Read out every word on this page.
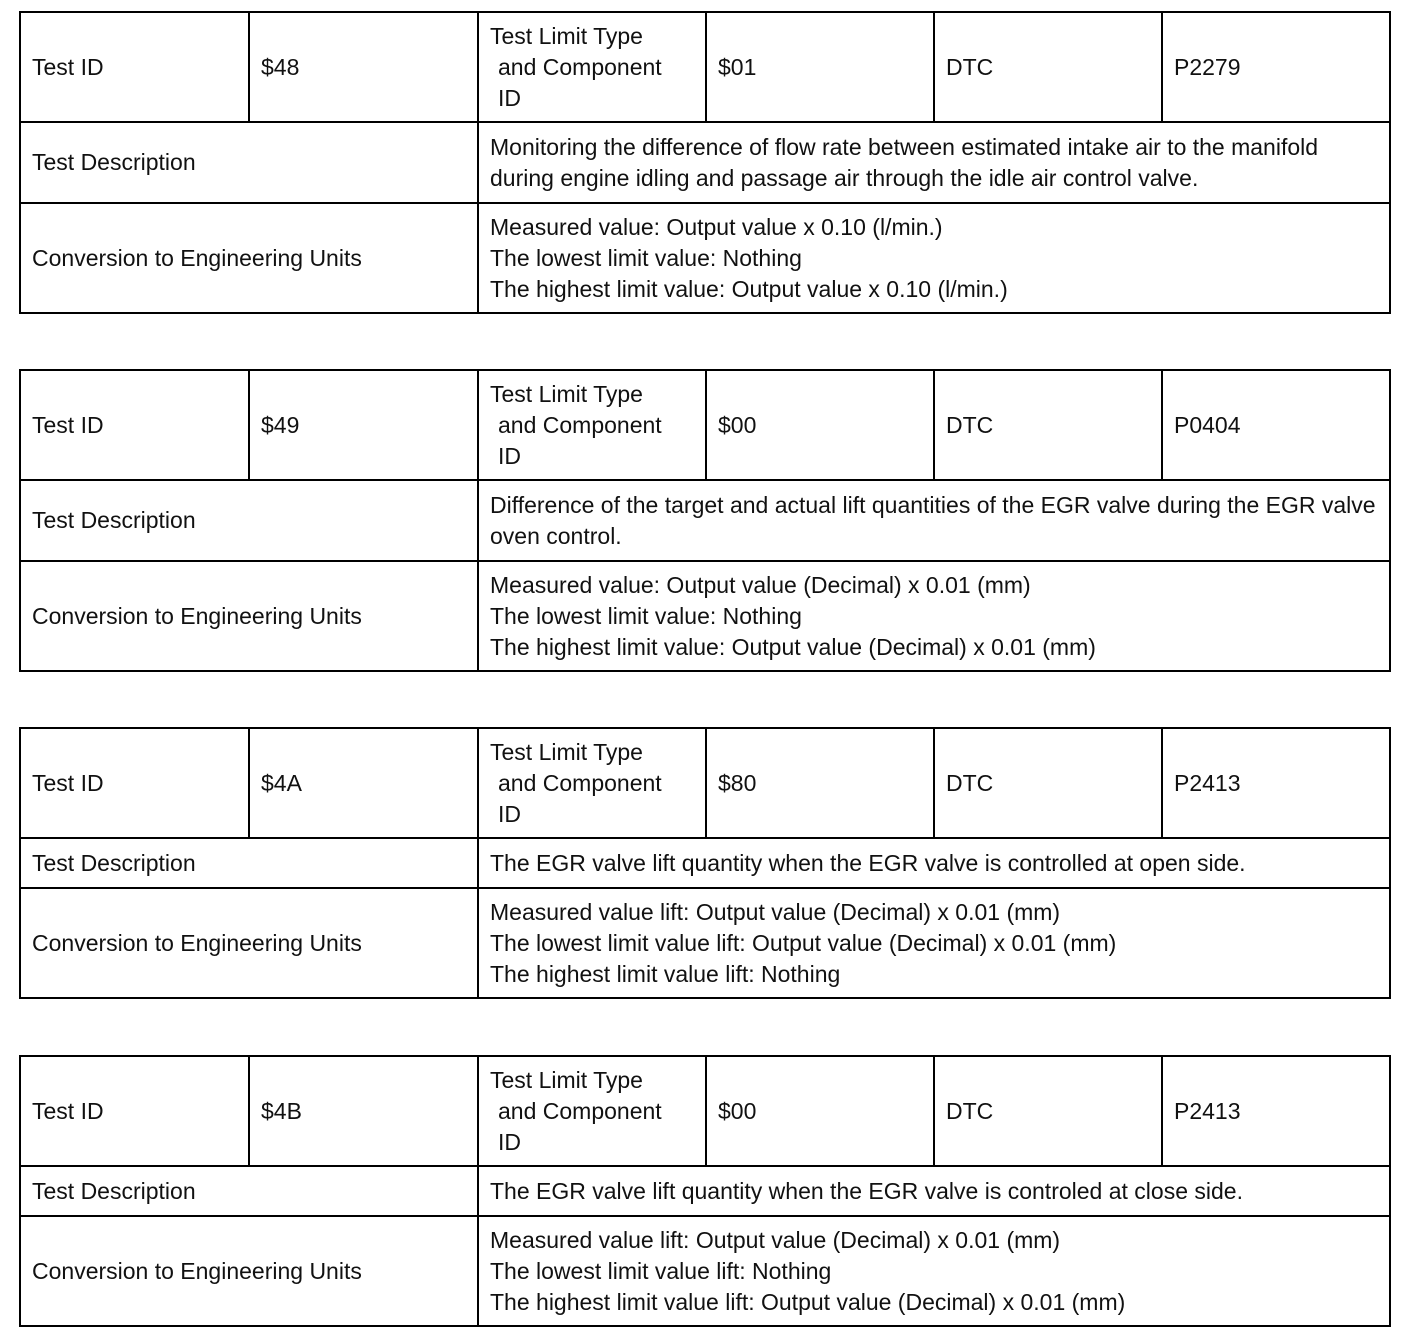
Test ID	$48	Test Limit Type
and Component
ID	$01	DTC	P2279
Test Description		Monitoring the difference of flow rate between estimated intake air to the manifold during engine idling and passage air through the idle air control valve.			
Conversion to Engineering Units		Measured value: Output value x 0.10 (l/min.)
The lowest limit value: Nothing
The highest limit value: Output value x 0.10 (l/min.)			
Test ID	$49	Test Limit Type
and Component
ID	$00	DTC	P0404
Test Description		Difference of the target and actual lift quantities of the EGR valve during the EGR valve oven control.			
Conversion to Engineering Units		Measured value: Output value (Decimal) x 0.01 (mm)
The lowest limit value: Nothing
The highest limit value: Output value (Decimal) x 0.01 (mm)			
Test ID	$4A	Test Limit Type
and Component
ID	$80	DTC	P2413
Test Description		The EGR valve lift quantity when the EGR valve is controlled at open side.			
Conversion to Engineering Units		Measured value lift: Output value (Decimal) x 0.01 (mm)
The lowest limit value lift: Output value (Decimal) x 0.01 (mm)
The highest limit value lift: Nothing			
Test ID	$4B	Test Limit Type
and Component
ID	$00	DTC	P2413
Test Description		The EGR valve lift quantity when the EGR valve is controled at close side.			
Conversion to Engineering Units		Measured value lift: Output value (Decimal) x 0.01 (mm)
The lowest limit value lift: Nothing
The highest limit value lift: Output value (Decimal) x 0.01 (mm)			
